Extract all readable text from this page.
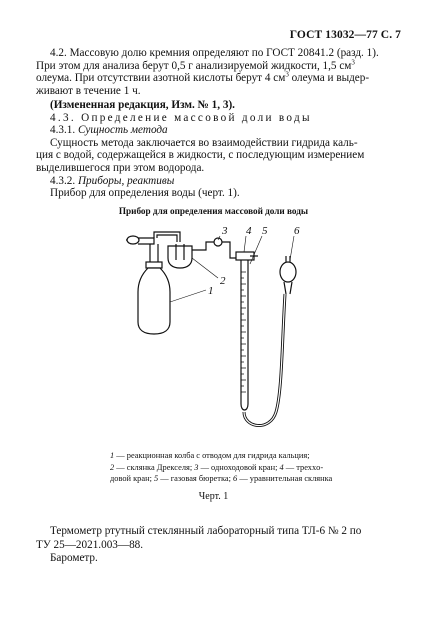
ГОСТ 13032—77 С. 7
4.2. Массовую долю кремния определяют по ГОСТ 20841.2 (разд. 1).
При этом для анализа берут 0,5 г анализируемой жидкости, 1,5 $см^3$
олеума. При отсутствии азотной кислоты берут 4 $см^3$ олеума и выдер-
живают в течение 1 ч.
(Измененная редакция, Изм. № 1, 3).
4.3. Определение массовой доли воды
4.3.1. Сущность метода
Сущность метода заключается во взаимодействии гидрида каль-
ция с водой, содержащейся в жидкости, с последующим измерением
выделившегося при этом водорода.
4.3.2. Приборы, реактивы
Прибор для определения воды (черт. 1).
Прибор для определения массовой доли воды
1
2
3 4 5 6
1 — реакционная колба с отводом для гидрида кальция;
2 — склянка Дрекселя; 3 — одноходовой кран; 4 — трехxо-
довой кран; 5 — газовая бюретка; 6 — уравнительная склянка
Черт. 1
Термометр ртутный стеклянный лабораторный типа ТЛ-6 № 2 по
ТУ 25—2021.003—88.
Барометр.
